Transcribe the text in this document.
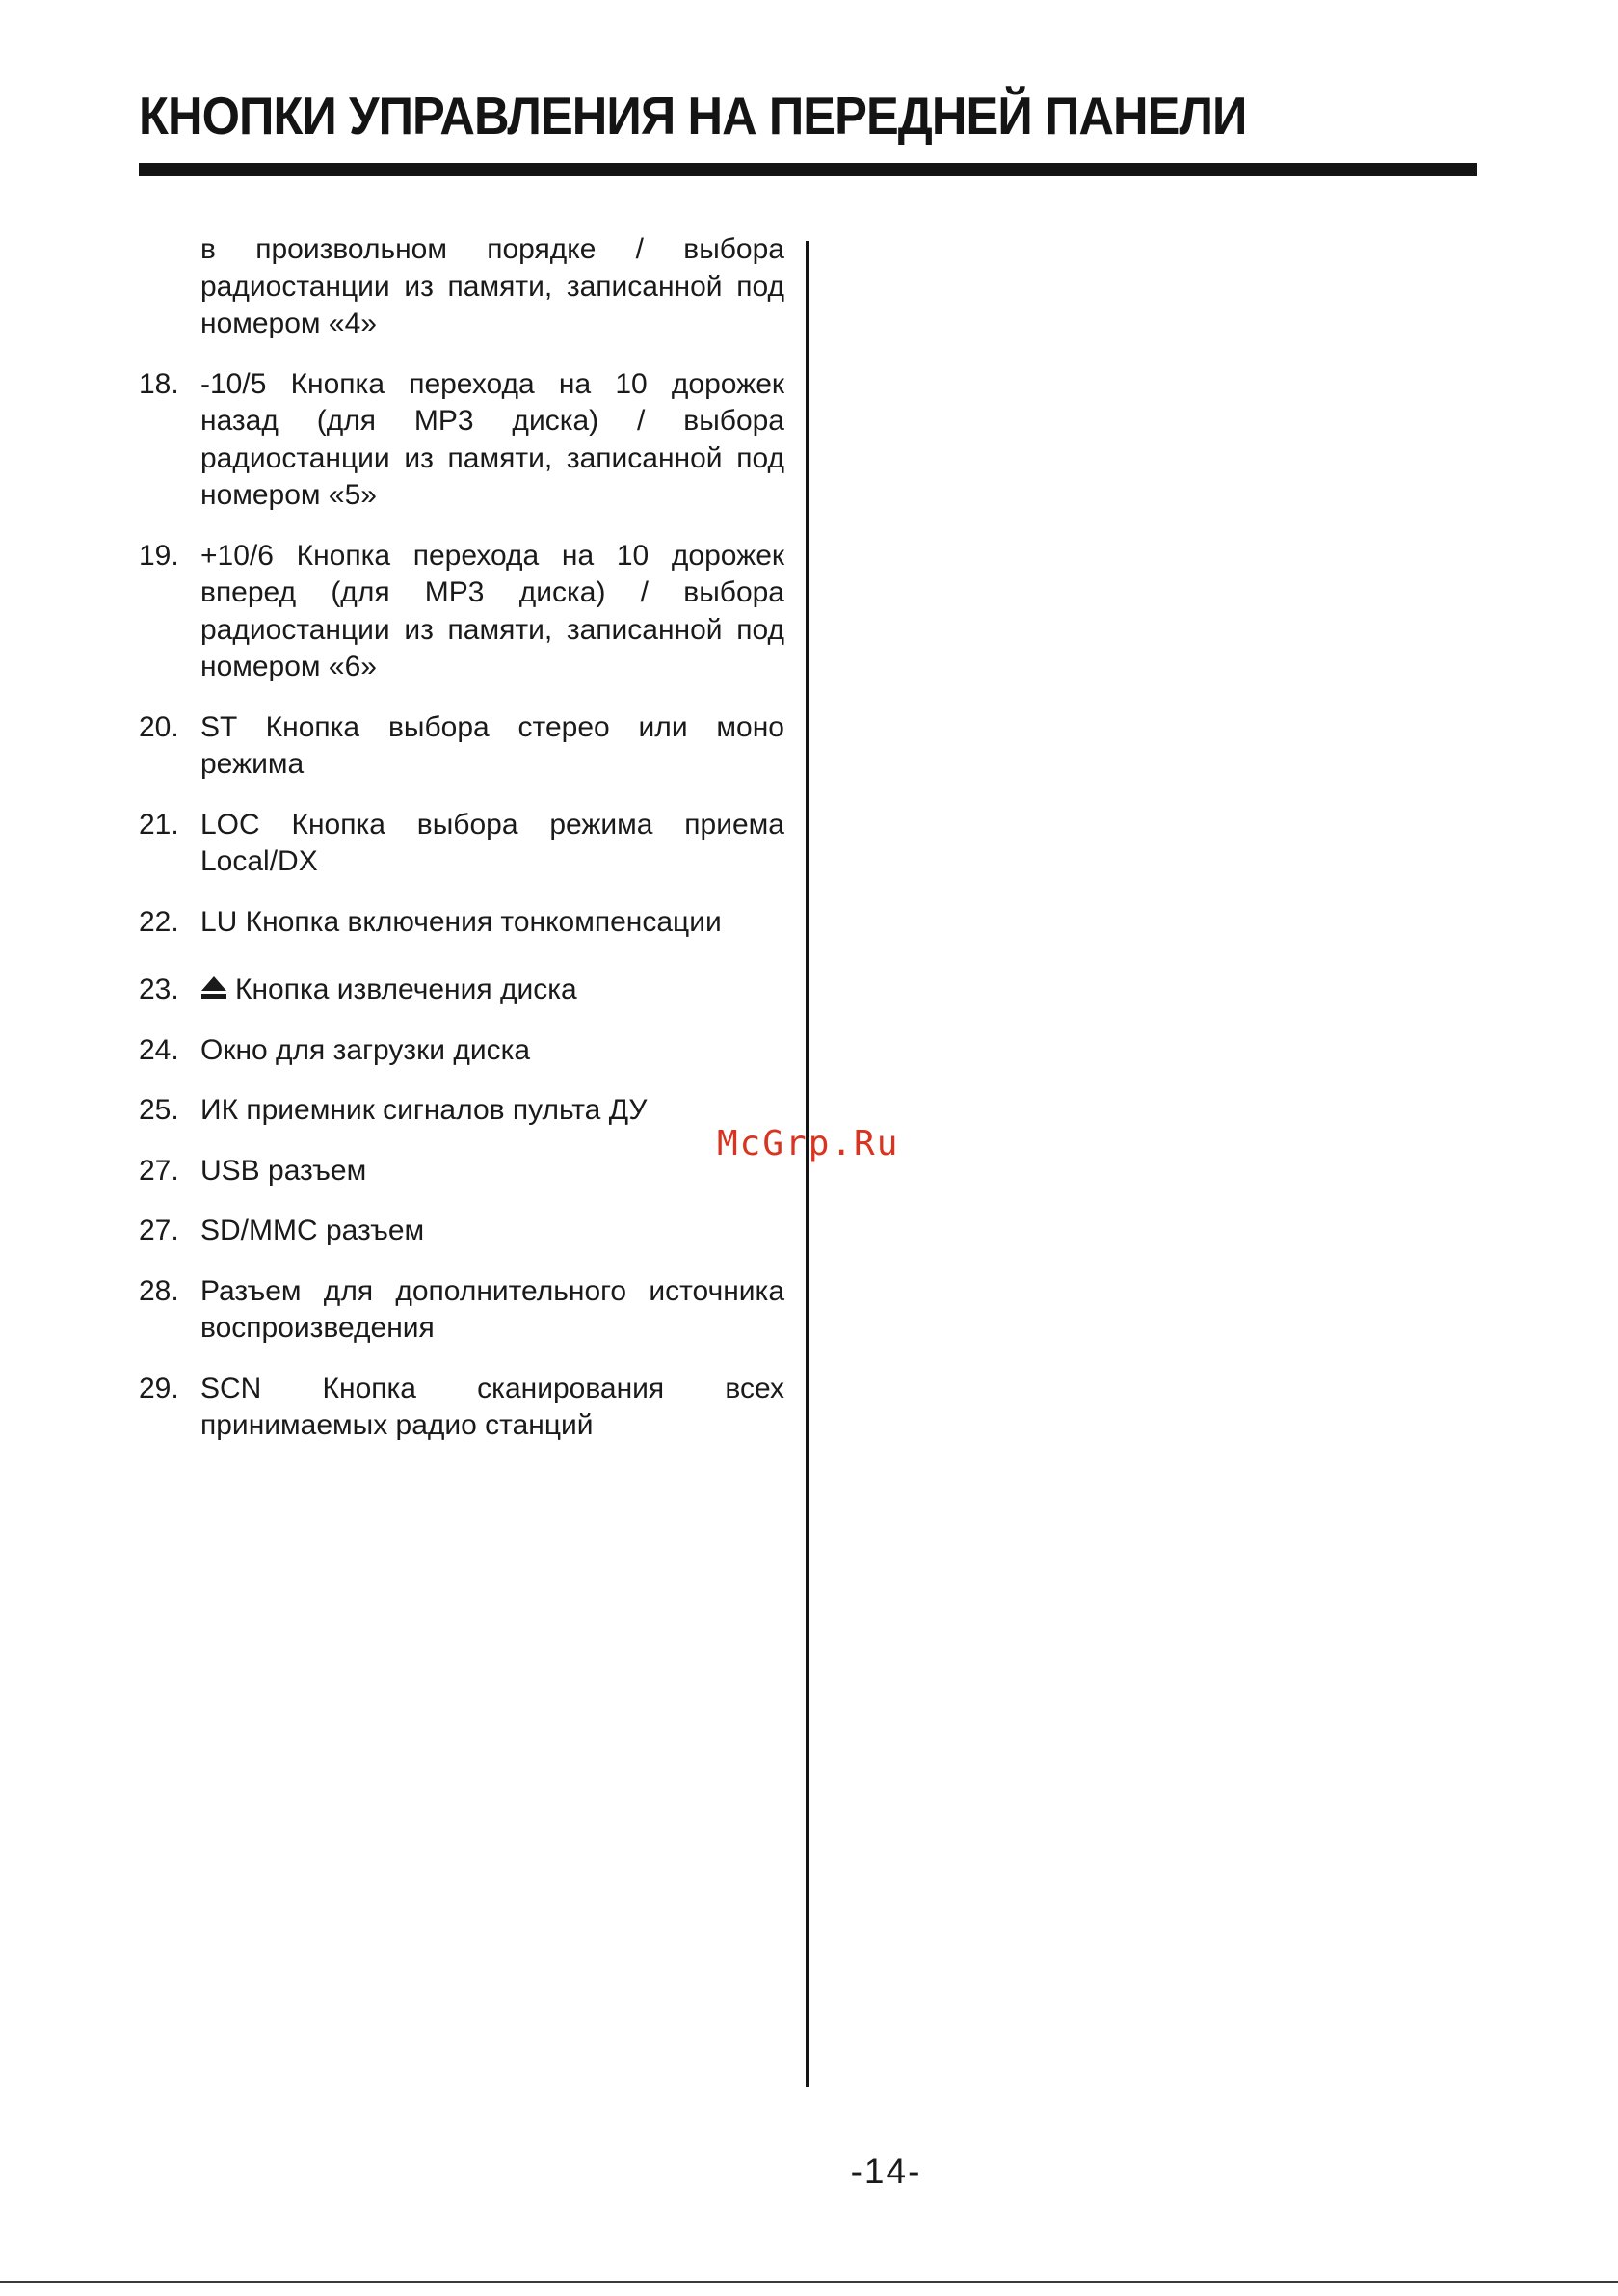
КНОПКИ УПРАВЛЕНИЯ НА ПЕРЕДНЕЙ ПАНЕЛИ
в произвольном порядке / выбора радиостанции из памяти, записанной под номером «4»
18. -10/5 Кнопка перехода на 10 дорожек назад (для MP3 диска) / выбора радиостанции из памяти, записанной под номером «5»
19. +10/6 Кнопка перехода на 10 дорожек вперед (для MP3 диска) / выбора радиостанции из памяти, записанной под номером «6»
20. ST Кнопка выбора стерео или моно режима
21. LOC Кнопка выбора режима приема Local/DX
22. LU Кнопка включения тонкомпенсации
23.	Кнопка извлечения диска
24. Окно для загрузки диска
25. ИК приемник сигналов пульта ДУ
27. USB разъем
27. SD/MMC разъем
28. Разъем для дополнительного источника воспроизведения
29. SCN Кнопка сканирования всех принимаемых радио станций
McGrp.Ru
-14-
